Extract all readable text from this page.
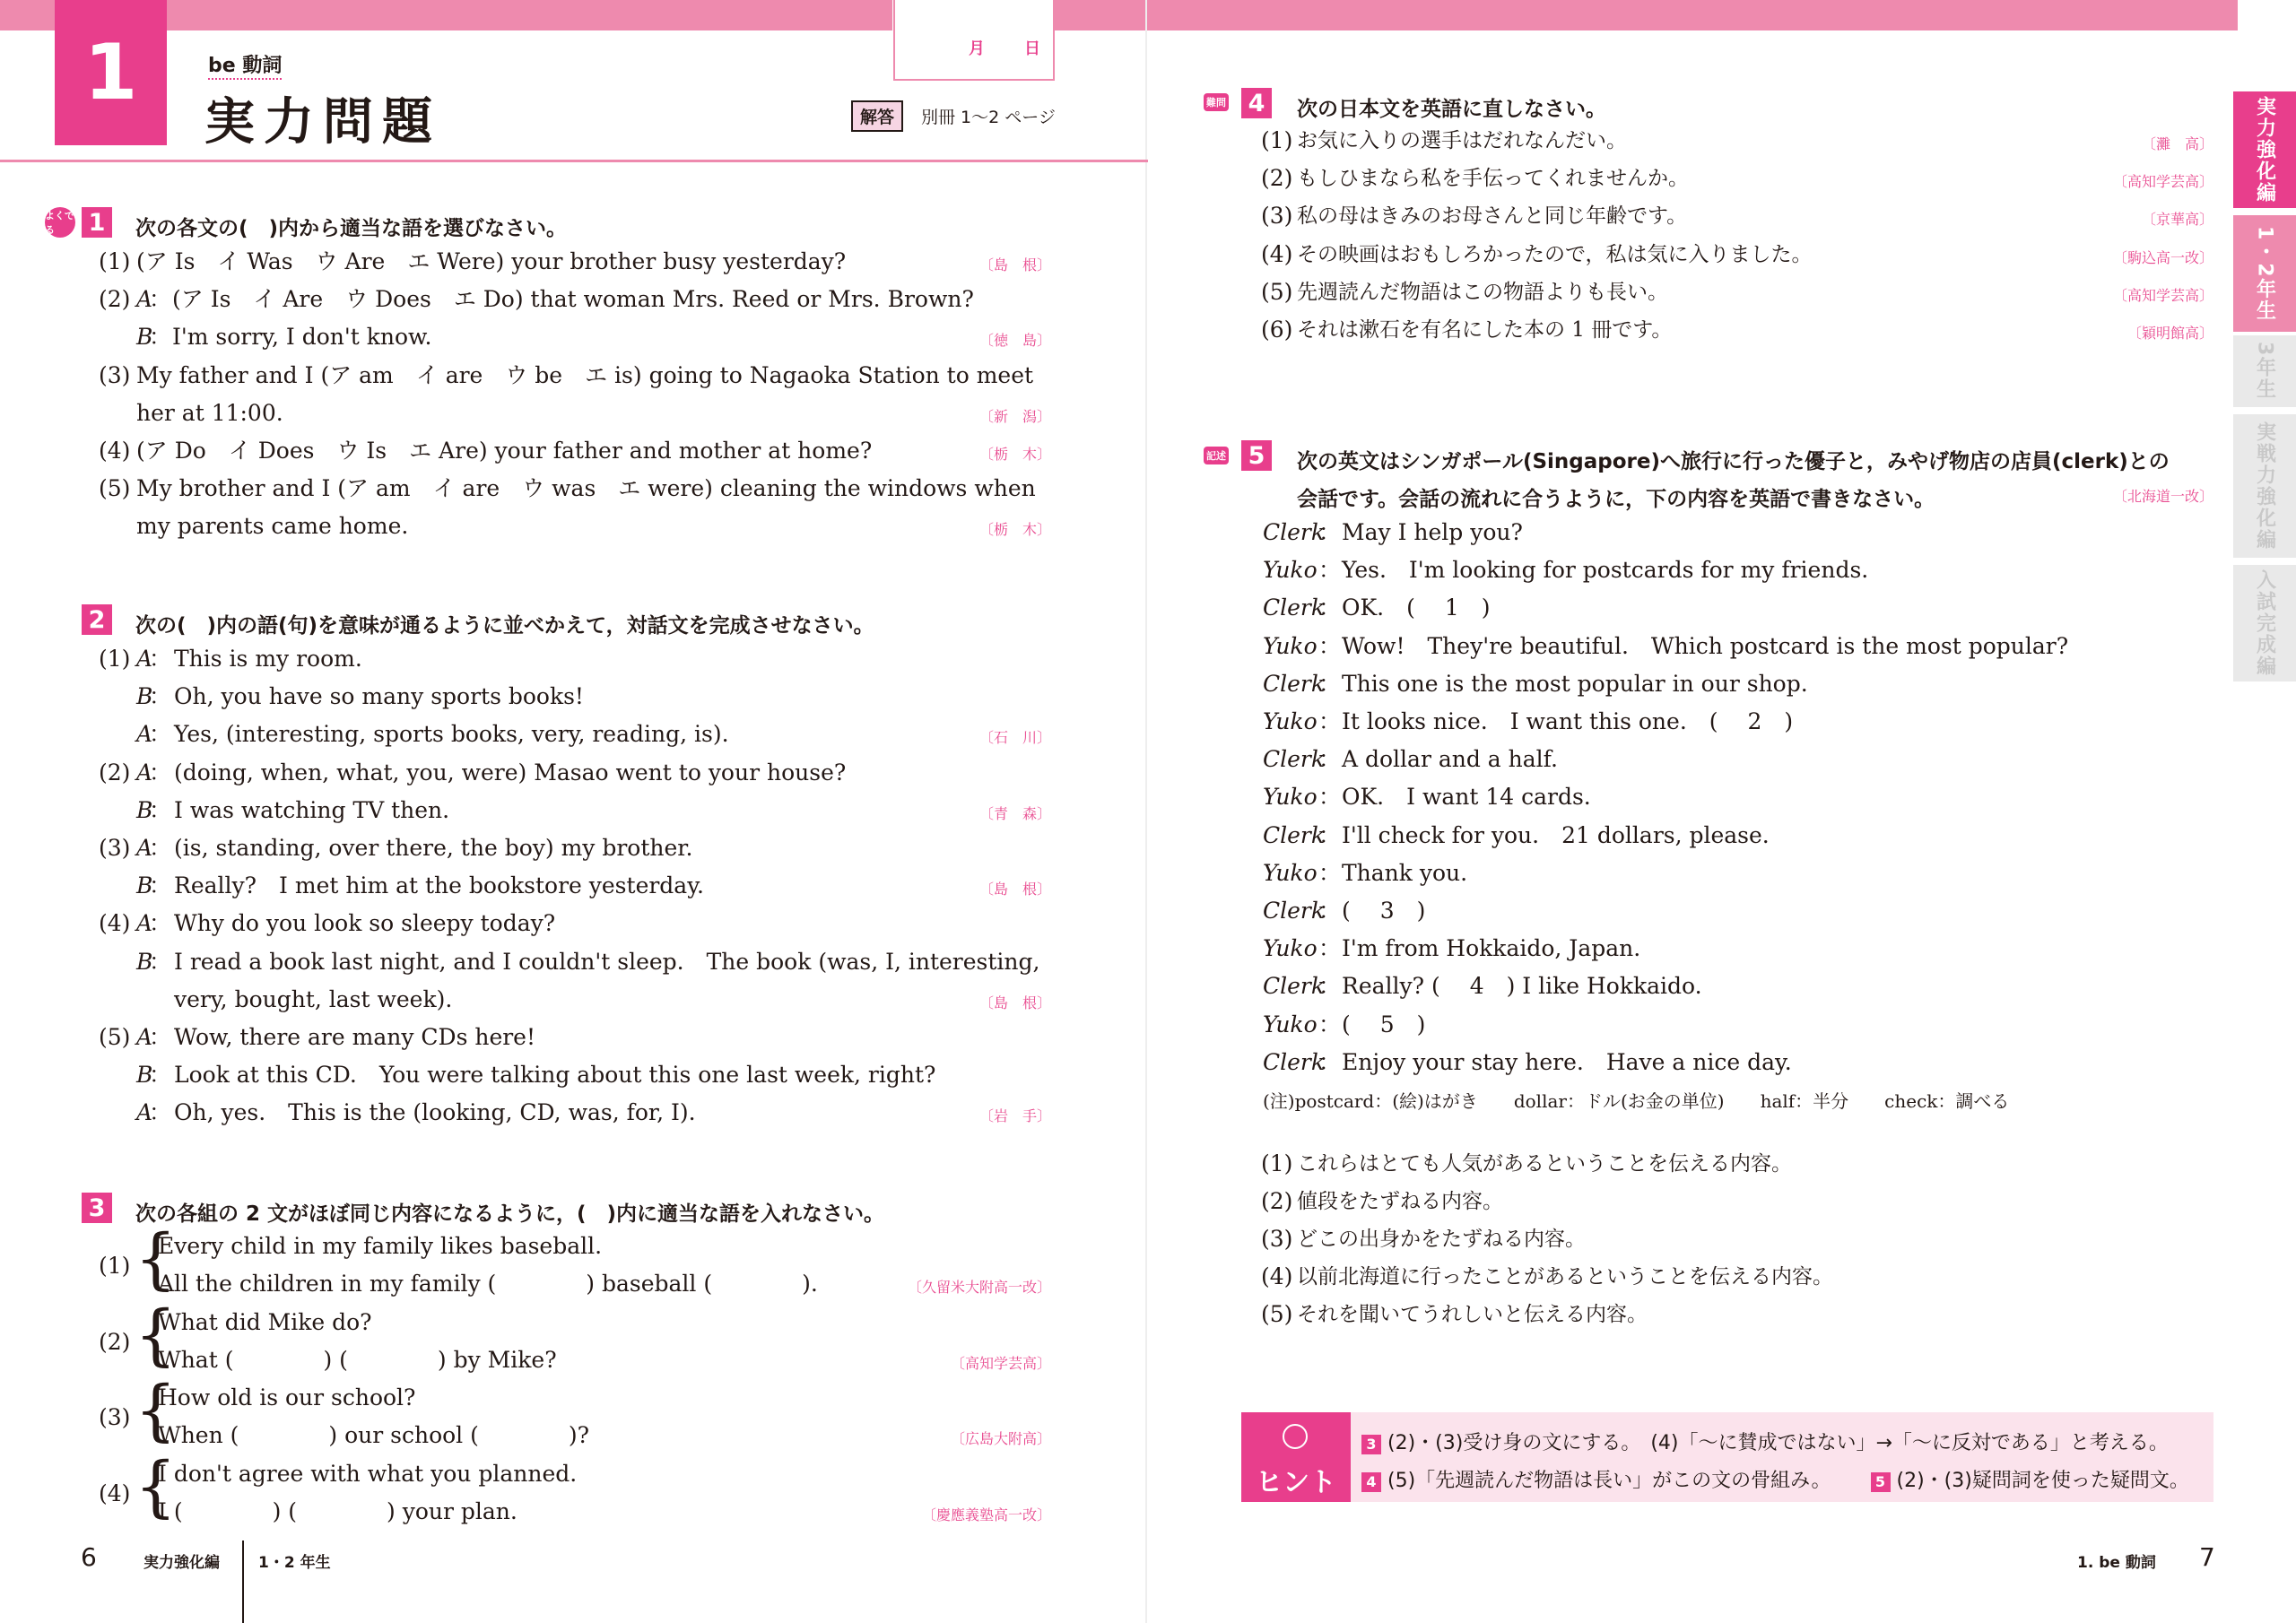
1	be 動詞
実力問題
月 日
解答	別冊 1～2 ページ	実力強化編
1・2年生
3年生
実戦力強化編
入試完成編
よくでる	1	次の各文の(　)内から適当な語を選びなさい。
(1) (ア Is　イ Was　ウ Are　エ Were) your brother busy yesterday?	〔島　根〕
(2) A
： (ア Is　イ Are　ウ Does　エ Do) that woman Mrs. Reed or Mrs. Brown?
B
： I'm sorry, I don't know.	〔徳　島〕
(3) My father and I (ア am　イ are　ウ be　エ is) going to Nagaoka Station to meet
her at 11:00.	〔新　潟〕
(4) (ア Do　イ Does　ウ Is　エ Are) your father and mother at home?	〔栃　木〕
(5) My brother and I (ア am　イ are　ウ was　エ were) cleaning the windows when
my parents came home.	〔栃　木〕
2	次の(　)内の語(句)を意味が通るように並べかえて，対話文を完成させなさい。
(1) A
： This is my room.
B
： Oh, you have so many sports books!
A
： Yes, (interesting, sports books, very, reading, is).	〔石　川〕
(2) A
： (doing, when, what, you, were) Masao went to your house?
B
： I was watching TV then.	〔青　森〕
(3) A
： (is, standing, over there, the boy) my brother.
B
： Really?　I met him at the bookstore yesterday.	〔島　根〕
(4) A
： Why do you look so sleepy today?
B
： I read a book last night, and I couldn't sleep.　The book (was, I, interesting,
very, bought, last week).	〔島　根〕
(5) A
： Wow, there are many CDs here!
B
： Look at this CD.　You were talking about this one last week, right?
A
： Oh, yes.　This is the (looking, CD, was, for, I).	〔岩　手〕
3	次の各組の 2 文がほぼ同じ内容になるように，(　)内に適当な語を入れなさい。
(1) {
Every child in my family likes baseball.
All the children in my family (　　　　) baseball (　　　　).	〔久留米大附高一改〕
(2) {
What did Mike do?
What (　　　　) (　　　　) by Mike?	〔高知学芸高〕
(3) {
How old is our school?
When (　　　　) our school (　　　　)?	〔広島大附高〕
(4) {
I don't agree with what you planned.
I (　　　　) (　　　　) your plan.	〔慶應義塾高一改〕
難問 4	次の日本文を英語に直しなさい。
(1) お気に入りの選手はだれなんだい。	〔灘　高〕
(2) もしひまなら私を手伝ってくれませんか。	〔高知学芸高〕
(3) 私の母はきみのお母さんと同じ年齢です。	〔京華高〕
(4) その映画はおもしろかったので，私は気に入りました。	〔駒込高一改〕
(5) 先週読んだ物語はこの物語よりも長い。	〔高知学芸高〕
(6) それは漱石を有名にした本の 1 冊です。	〔穎明館高〕
記述 5	次の英文はシンガポール(Singapore)へ旅行に行った優子と，みやげ物店の店員(clerk)との
会話です。会話の流れに合うように，下の内容を英語で書きなさい。	〔北海道一改〕
Clerk
： May I help you?
Yuko ： Yes.　I'm looking for postcards for my friends.
Clerk
： OK.　(　 1　)
Yuko ： Wow!　They're beautiful.　Which postcard is the most popular?
Clerk
： This one is the most popular in our shop.
Yuko ： It looks nice.　I want this one.　(　 2　)
Clerk
： A dollar and a half.
Yuko ： OK.　I want 14 cards.
Clerk
： I'll check for you.　21 dollars, please.
Yuko ： Thank you.
Clerk
： (　 3　)
Yuko ： I'm from Hokkaido, Japan.
Clerk
： Really? (　 4　) I like Hokkaido.
Yuko ： (　 5　)
Clerk
： Enjoy your stay here.　Have a nice day.
(注)postcard：(絵)はがき　　dollar：ドル(お金の単位)　　half：半分　　check：調べる
(1) これらはとても人気があるということを伝える内容。
(2) 値段をたずねる内容。
(3) どこの出身かをたずねる内容。
(4) 以前北海道に行ったことがあるということを伝える内容。
(5) それを聞いてうれしいと伝える内容。
ヒント
3 (2)・(3)受け身の文にする。　(4)「～に賛成ではない」→「～に反対である」と考える。
4 (5)「先週読んだ物語は長い」がこの文の骨組み。	5 (2)・(3)疑問詞を使った疑問文。
6	実力強化編	1・2 年生	1. be 動詞 7
